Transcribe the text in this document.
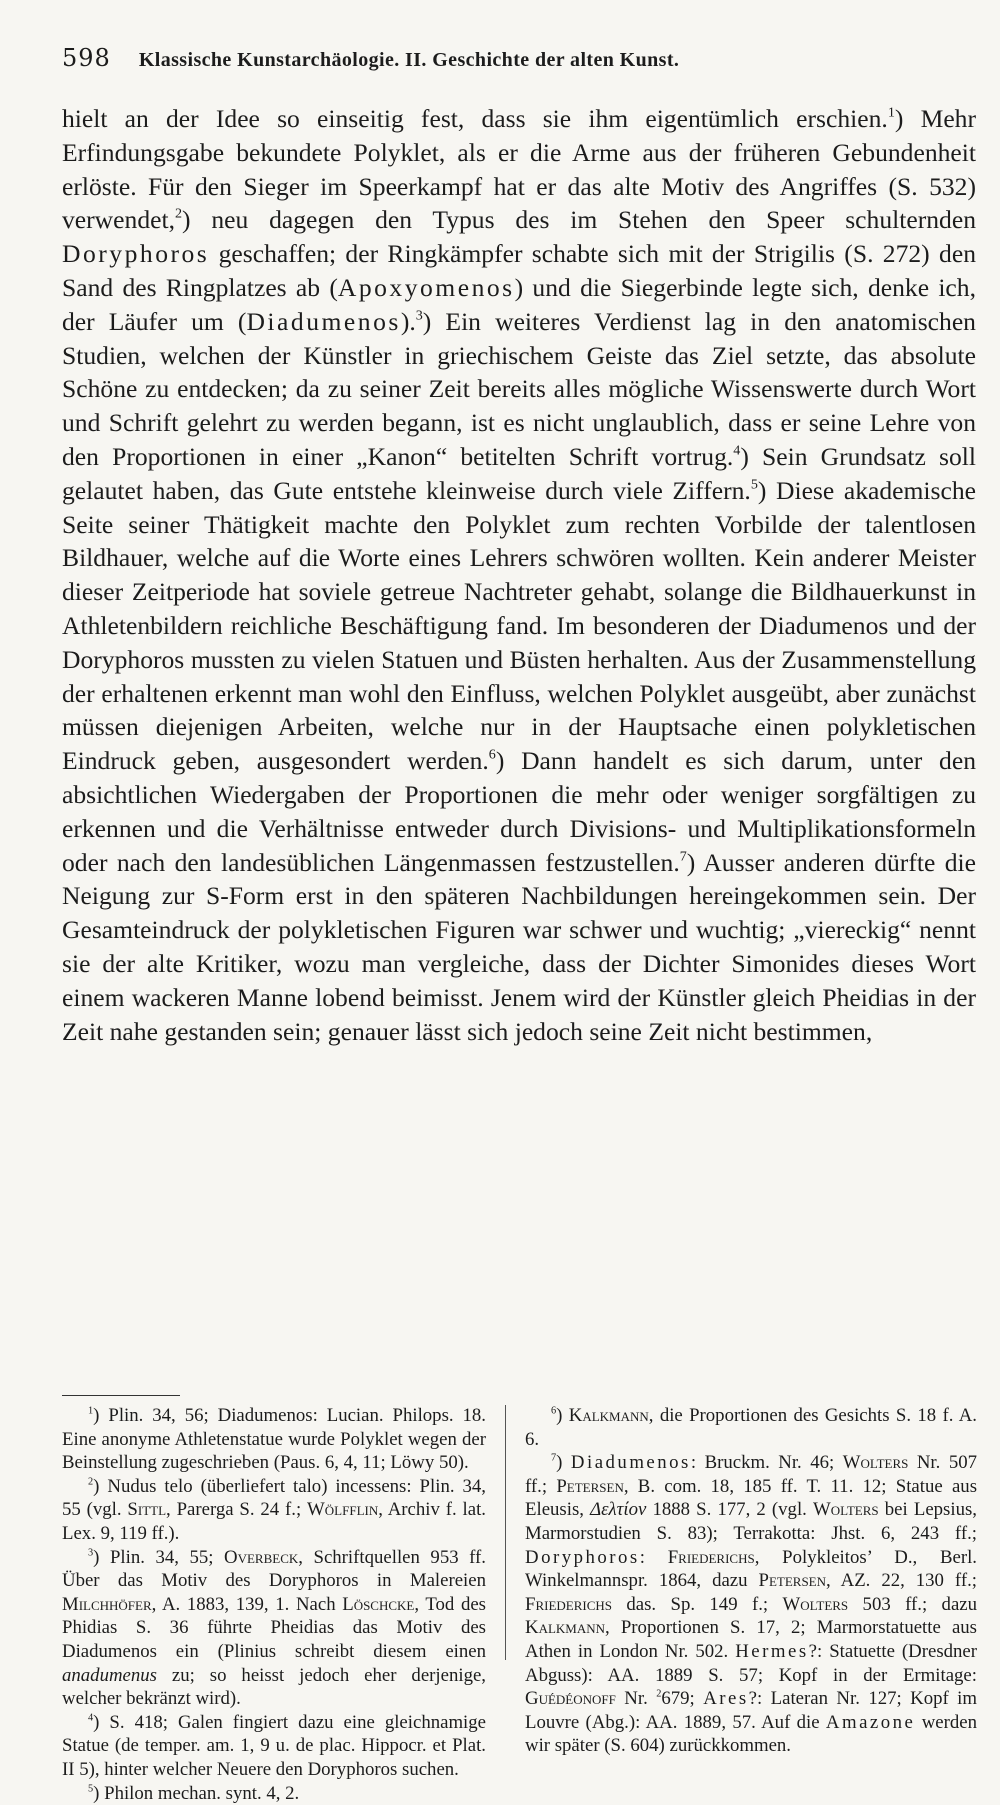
598 Klassische Kunstarchäologie. II. Geschichte der alten Kunst.

hielt an der Idee so einseitig fest, dass sie ihm eigentümlich erschien.$^1$) Mehr Erfindungsgabe bekundete Polyklet, als er die Arme aus der früheren Gebundenheit erlöste. Für den Sieger im Speerkampf hat er das alte Motiv des Angriffes (S. 532) verwendet,$^2$) neu dagegen den Typus des im Stehen den Speer schulternden Doryphoros geschaffen; der Ringkämpfer schabte sich mit der Strigilis (S. 272) den Sand des Ringplatzes ab (Apoxyomenos) und die Siegerbinde legte sich, denke ich, der Läufer um (Diadumenos).$^3$) Ein weiteres Verdienst lag in den anatomischen Studien, welchen der Künstler in griechischem Geiste das Ziel setzte, das absolute Schöne zu entdecken; da zu seiner Zeit bereits alles mögliche Wissenswerte durch Wort und Schrift gelehrt zu werden begann, ist es nicht unglaublich, dass er seine Lehre von den Proportionen in einer „Kanon“ betitelten Schrift vortrug.$^4$) Sein Grundsatz soll gelautet haben, das Gute entstehe kleinweise durch viele Ziffern.$^5$) Diese akademische Seite seiner Thätigkeit machte den Polyklet zum rechten Vorbilde der talentlosen Bildhauer, welche auf die Worte eines Lehrers schwören wollten. Kein anderer Meister dieser Zeitperiode hat soviele getreue Nachtreter gehabt, solange die Bildhauerkunst in Athletenbildern reichliche Beschäftigung fand. Im besonderen der Diadumenos und der Doryphoros mussten zu vielen Statuen und Büsten herhalten. Aus der Zusammenstellung der erhaltenen erkennt man wohl den Einfluss, welchen Polyklet ausgeübt, aber zunächst müssen diejenigen Arbeiten, welche nur in der Hauptsache einen polykletischen Eindruck geben, ausgesondert werden.$^6$) Dann handelt es sich darum, unter den absichtlichen Wiedergaben der Proportionen die mehr oder weniger sorgfältigen zu erkennen und die Verhältnisse entweder durch Divisions- und Multiplikationsformeln oder nach den landesüblichen Längenmassen festzustellen.$^7$) Ausser anderen dürfte die Neigung zur S-Form erst in den späteren Nachbildungen hereingekommen sein. Der Gesamteindruck der polykletischen Figuren war schwer und wuchtig; „viereckig“ nennt sie der alte Kritiker, wozu man vergleiche, dass der Dichter Simonides dieses Wort einem wackeren Manne lobend beimisst. Jenem wird der Künstler gleich Pheidias in der Zeit nahe gestanden sein; genauer lässt sich jedoch seine Zeit nicht bestimmen,

$^1$) Plin. 34, 56; Diadumenos: Lucian. Philops. 18. Eine anonyme Athletenstatue wurde Polyklet wegen der Beinstellung zugeschrieben (Paus. 6, 4, 11; Löwy 50).

$^2$) Nudus telo (überliefert talo) incessens: Plin. 34, 55 (vgl. Sittl, Parerga S. 24 f.; Wölfflin, Archiv f. lat. Lex. 9, 119 ff.).

$^3$) Plin. 34, 55; Overbeck, Schriftquellen 953 ff. Über das Motiv des Doryphoros in Malereien Milchhöfer, A. 1883, 139, 1. Nach Löschcke, Tod des Phidias S. 36 führte Pheidias das Motiv des Diadumenos ein (Plinius schreibt diesem einen anadumenus zu; so heisst jedoch eher derjenige, welcher bekränzt wird).

$^4$) S. 418; Galen fingiert dazu eine gleichnamige Statue (de temper. am. 1, 9 u. de plac. Hippocr. et Plat. II 5), hinter welcher Neuere den Doryphoros suchen.

$^5$) Philon mechan. synt. 4, 2.

$^6$) Kalkmann, die Proportionen des Gesichts S. 18 f. A. 6.

$^7$) Diadumenos: Bruckm. Nr. 46; Wolters Nr. 507 ff.; Petersen, B. com. 18, 185 ff. T. 11. 12; Statue aus Eleusis, Δελτίον 1888 S. 177, 2 (vgl. Wolters bei Lepsius, Marmorstudien S. 83); Terrakotta: Jhst. 6, 243 ff.; Doryphoros: Friederichs, Polykleitos’ D., Berl. Winkelmannspr. 1864, dazu Petersen, AZ. 22, 130 ff.; Friederichs das. Sp. 149 f.; Wolters 503 ff.; dazu Kalkmann, Proportionen S. 17, 2; Marmorstatuette aus Athen in London Nr. 502. Hermes?: Statuette (Dresdner Abguss): AA. 1889 S. 57; Kopf in der Ermitage: Guédéonoff Nr. $^2$679; Ares?: Lateran Nr. 127; Kopf im Louvre (Abg.): AA. 1889, 57. Auf die Amazone werden wir später (S. 604) zurückkommen.
